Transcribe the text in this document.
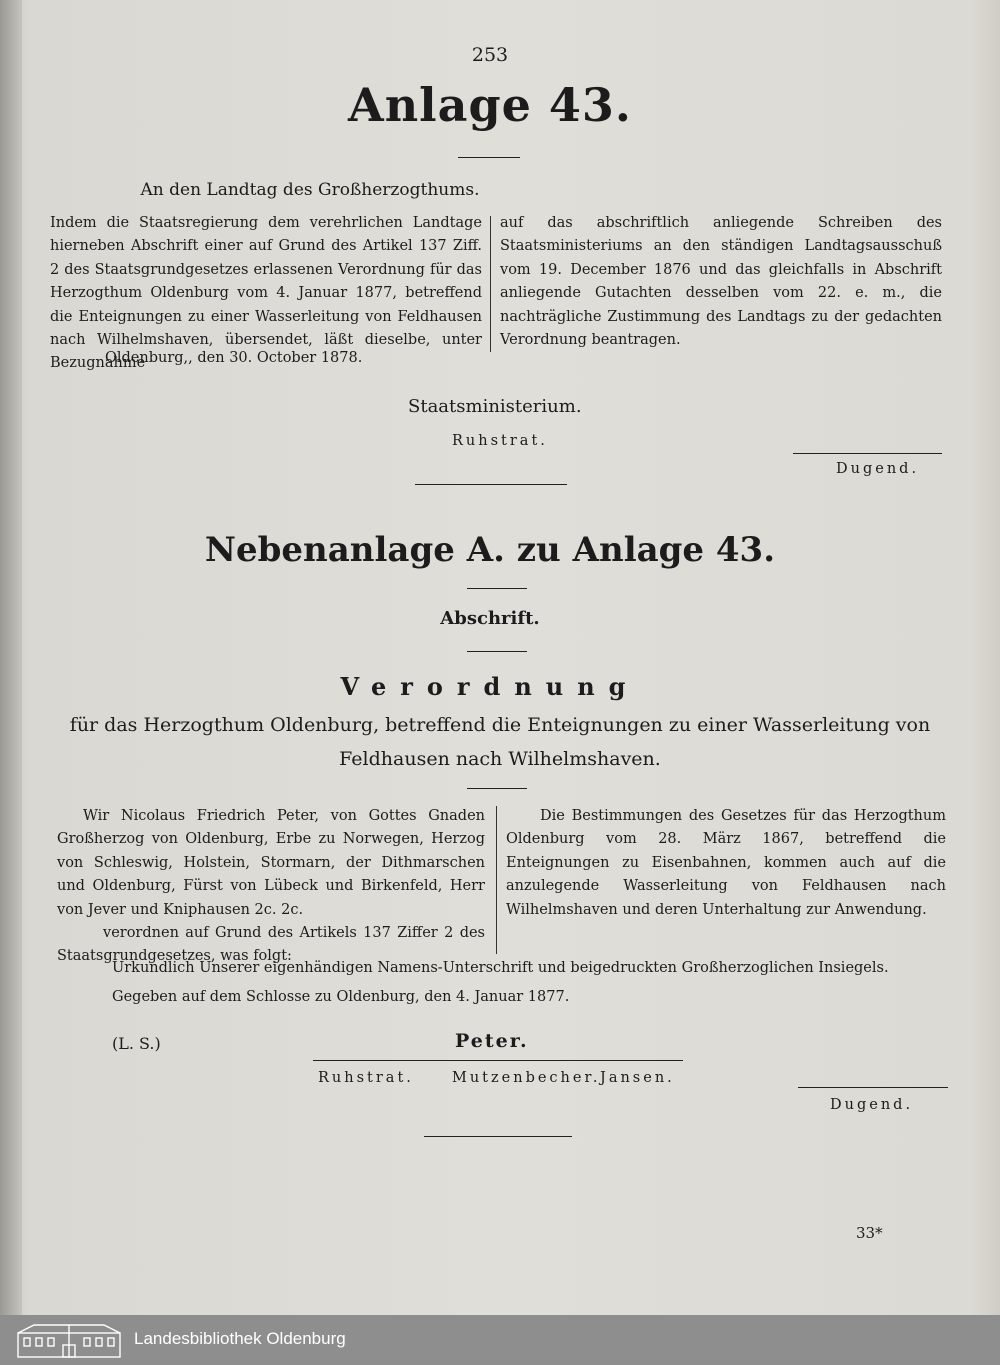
253
Anlage 43.
An den Landtag des Großherzogthums.

Indem die Staatsregierung dem verehrlichen Landtage hierneben Abschrift einer auf Grund des Artikel 137 Ziff. 2 des Staatsgrundgesetzes erlassenen Verordnung für das Herzogthum Oldenburg vom 4. Januar 1877, betreffend die Enteignungen zu einer Wasserleitung von Feldhausen nach Wilhelmshaven, übersendet, läßt dieselbe, unter Bezugnahme

auf das abschriftlich anliegende Schreiben des Staatsministeriums an den ständigen Landtagsausschuß vom 19. December 1876 und das gleichfalls in Abschrift anliegende Gutachten desselben vom 22. e. m., die nachträgliche Zustimmung des Landtags zu der gedachten Verordnung beantragen.

Oldenburg,, den 30. October 1878.
Staatsministerium.
Ruhstrat.
Dugend.
Nebenanlage A. zu Anlage 43.
Abschrift.
Verordnung
für das Herzogthum Oldenburg, betreffend die Enteignungen zu einer Wasserleitung von Feldhausen nach Wilhelmshaven.

Wir Nicolaus Friedrich Peter, von Gottes Gnaden Großherzog von Oldenburg, Erbe zu Norwegen, Herzog von Schleswig, Holstein, Stormarn, der Dithmarschen und Oldenburg, Fürst von Lübeck und Birkenfeld, Herr von Jever und Kniphausen 2c. 2c.

verordnen auf Grund des Artikels 137 Ziffer 2 des Staatsgrundgesetzes, was folgt:

Die Bestimmungen des Gesetzes für das Herzogthum Oldenburg vom 28. März 1867, betreffend die Enteignungen zu Eisenbahnen, kommen auch auf die anzulegende Wasserleitung von Feldhausen nach Wilhelmshaven und deren Unterhaltung zur Anwendung.

Urkundlich Unserer eigenhändigen Namens-Unterschrift und beigedruckten Großherzoglichen Insiegels.
Gegeben auf dem Schlosse zu Oldenburg, den 4. Januar 1877.
(L. S.)	Peter.
Ruhstrat.	Mutzenbecher. Jansen.
Dugend.
33*
Landesbibliothek Oldenburg
